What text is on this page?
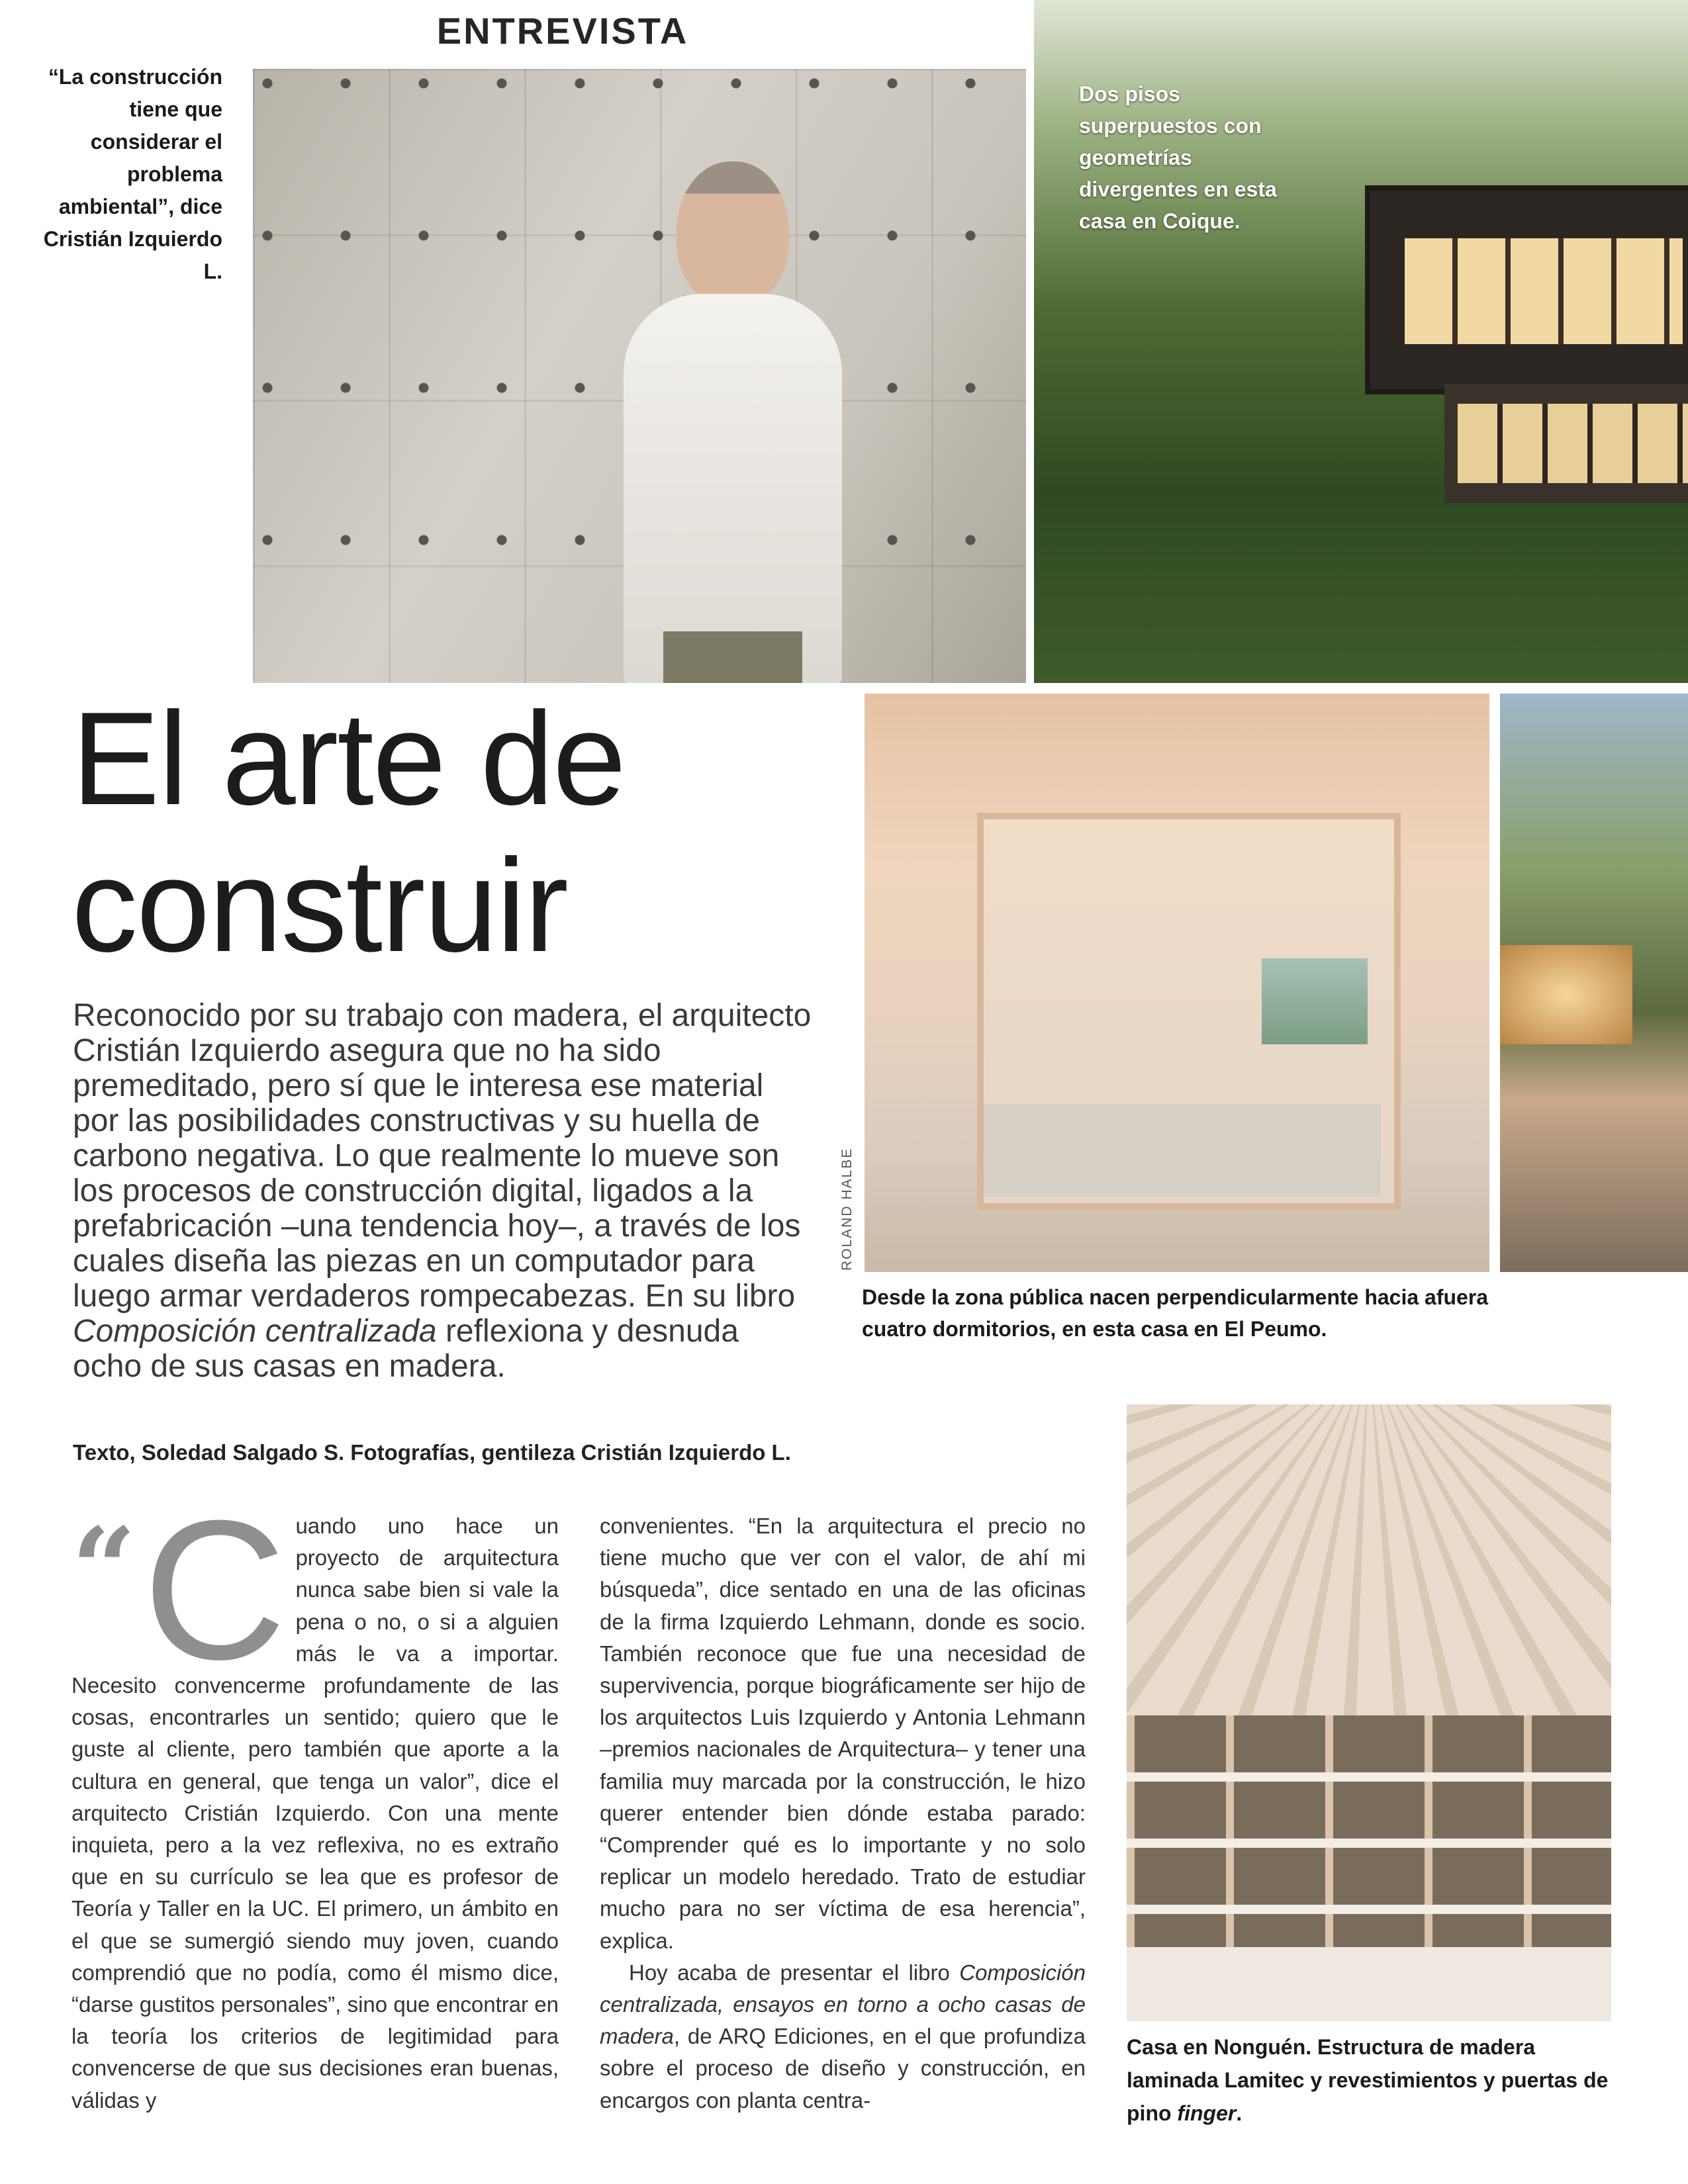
ENTREVISTA
“La construcción tiene que considerar el problema ambiental”, dice Cristián Izquierdo L.
Dos pisos superpuestos con geometrías divergentes en esta casa en Coique.
El arte de
construir
Reconocido por su trabajo con madera, el arquitecto Cristián Izquierdo asegura que no ha sido premeditado, pero sí que le interesa ese material por las posibilidades constructivas y su huella de carbono negativa. Lo que realmente lo mueve son los procesos de construcción digital, ligados a la prefabricación –una tendencia hoy–, a través de los cuales diseña las piezas en un computador para luego armar verdaderos rompecabezas. En su libro Composición centralizada reflexiona y desnuda ocho de sus casas en madera.
Texto, Soledad Salgado S. Fotografías, gentileza Cristián Izquierdo L.
ROLAND HALBE
Desde la zona pública nacen perpendicularmente hacia afuera cuatro dormitorios, en esta casa en El Peumo.
“ C uando uno hace un proyecto de arquitectura nunca sabe bien si vale la pena o no, o si a alguien más le va a importar. Necesito convencerme profundamente de las cosas, encontrarles un sentido; quiero que le guste al cliente, pero también que aporte a la cultura en general, que tenga un valor”, dice el arquitecto Cristián Izquierdo. Con una mente inquieta, pero a la vez reflexiva, no es extraño que en su currículo se lea que es profesor de Teoría y Taller en la UC. El primero, un ámbito en el que se sumergió siendo muy joven, cuando comprendió que no podía, como él mismo dice, “darse gustitos personales”, sino que encontrar en la teoría los criterios de legitimidad para convencerse de que sus decisiones eran buenas, válidas y

convenientes. “En la arquitectura el precio no tiene mucho que ver con el valor, de ahí mi búsqueda”, dice sentado en una de las oficinas de la firma Izquierdo Lehmann, donde es socio. También reconoce que fue una necesidad de supervivencia, porque biográficamente ser hijo de los arquitectos Luis Izquierdo y Antonia Lehmann –premios nacionales de Arquitectura– y tener una familia muy marcada por la construcción, le hizo querer entender bien dónde estaba parado: “Comprender qué es lo importante y no solo replicar un modelo heredado. Trato de estudiar mucho para no ser víctima de esa herencia”, explica.

Hoy acaba de presentar el libro Composición centralizada, ensayos en torno a ocho casas de madera, de ARQ Ediciones, en el que profundiza sobre el proceso de diseño y construcción, en encargos con planta centra-

Casa en Nonguén. Estructura de madera laminada Lamitec y revestimientos y puertas de pino finger.
